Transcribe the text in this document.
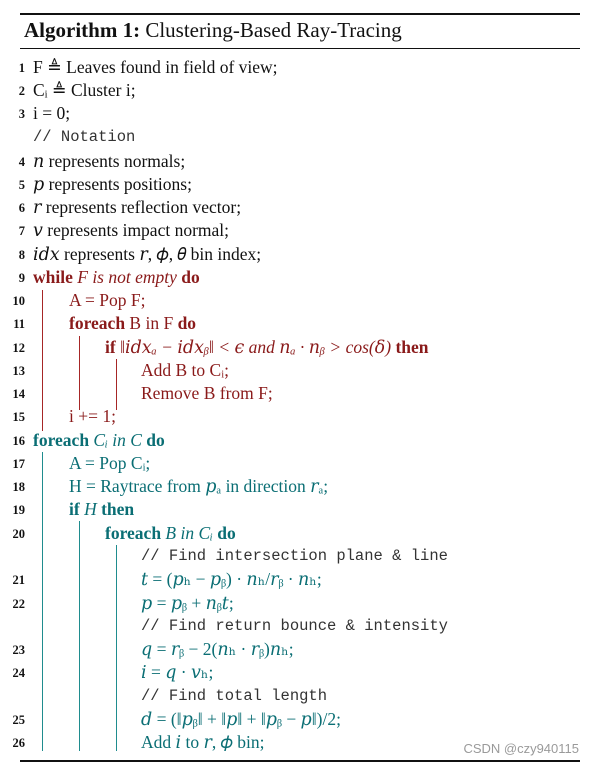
Algorithm 1: Clustering-Based Ray-Tracing
1 F ≜ Leaves found in field of view;
2 Cᵢ ≜ Cluster i;
3 i = 0;
// Notation
4 𝑛 represents normals;
5 𝑝 represents positions;
6 𝑟 represents reflection vector;
7 𝑣 represents impact normal;
8 𝑖𝑑𝑥 represents 𝑟, 𝜙, 𝜃 bin index;
9 while F is not empty do
10	A = Pop F;
11	foreach B in F do
12	if ‖𝑖𝑑𝑥ₐ − 𝑖𝑑𝑥ᵦ‖ < 𝜖 and 𝑛ₐ · 𝑛ᵦ > cos(𝛿) then
13	Add B to Cᵢ;
14	Remove B from F;
15	i += 1;
16 foreach Cᵢ in C do
17	A = Pop Cᵢ;
18	H = Raytrace from 𝑝ₐ in direction 𝑟ₐ;
19	if H then
20	foreach B in Cᵢ do
// Find intersection plane & line
21	𝑡 = (𝑝ₕ − 𝑝ᵦ) · 𝑛ₕ/𝑟ᵦ · 𝑛ₕ;
22	𝑝 = 𝑝ᵦ + 𝑛ᵦ𝑡;
// Find return bounce & intensity
23	𝑞 = 𝑟ᵦ − 2(𝑛ₕ · 𝑟ᵦ)𝑛ₕ;
24	𝑖 = 𝑞 · 𝑣ₕ;
// Find total length
25	𝑑 = (‖𝑝ᵦ‖ + ‖𝑝‖ + ‖𝑝ᵦ − 𝑝‖)/2;
26	Add 𝑖 to 𝑟, 𝜙 bin;	CSDN @czy940115
